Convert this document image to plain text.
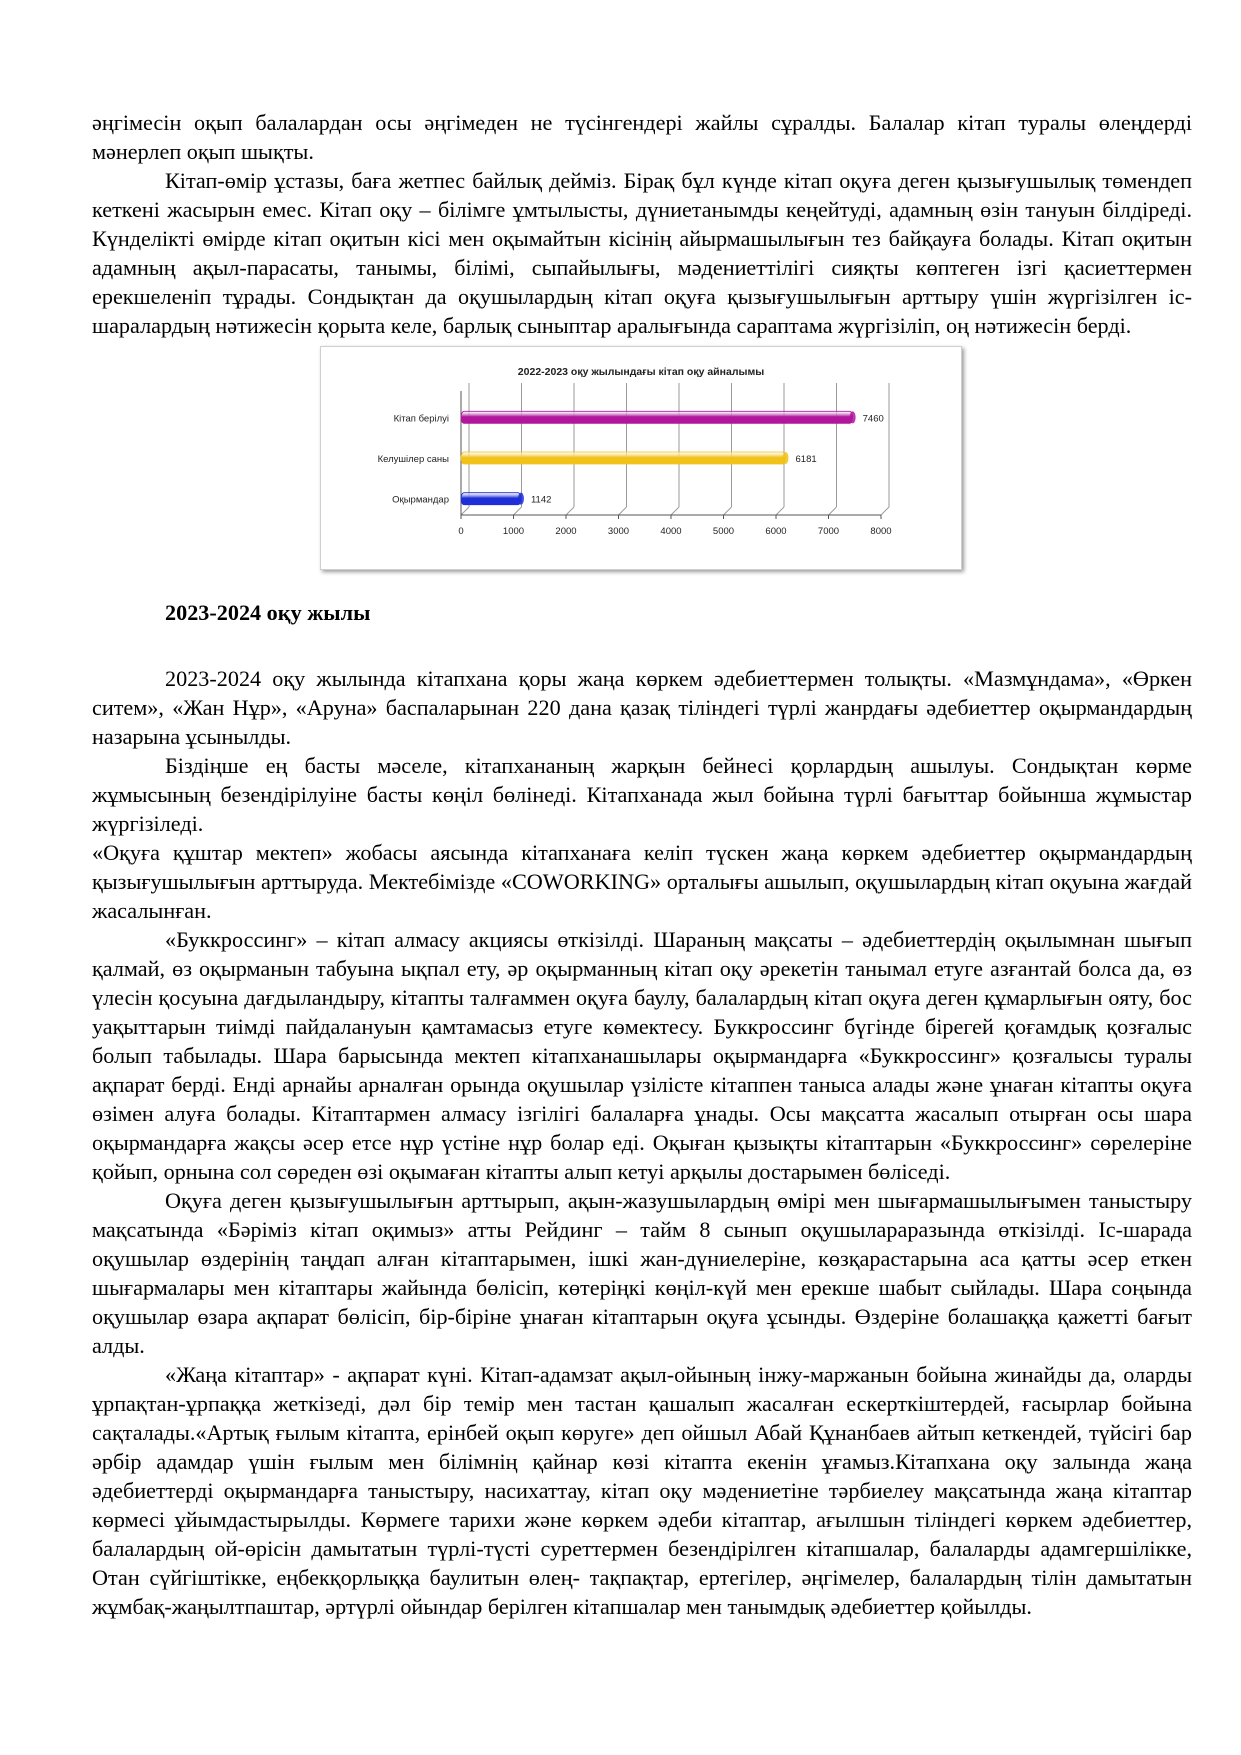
әңгімесін оқып балалардан осы әңгімеден не түсінгендері жайлы сұралды. Балалар кітап туралы өлеңдерді мәнерлеп оқып шықты.

Кітап-өмір ұстазы, баға жетпес байлық дейміз. Бірақ бұл күнде кітап оқуға деген қызығушылық төмендеп кеткені жасырын емес. Кітап оқу – білімге ұмтылысты, дүниетанымды кеңейтуді, адамның өзін тануын білдіреді. Күнделікті өмірде кітап оқитын кісі мен оқымайтын кісінің айырмашылығын тез байқауға болады. Кітап оқитын адамның ақыл-парасаты, танымы, білімі, сыпайылығы, мәдениеттілігі сияқты көптеген ізгі қасиеттермен ерекшеленіп тұрады. Сондықтан да оқушылардың кітап оқуға қызығушылығын арттыру үшін жүргізілген іс-шаралардың нәтижесін қорыта келе, барлық сыныптар аралығында сараптама жүргізіліп, оң нәтижесін берді.

2022-2023 оқу жылындағы кітап оқу айналымы
0	1000	2000	3000	4000	5000	6000	7000	8000
Кітап берілуі	7460
Келушілер саны	6181
Оқырмандар	1142
2023-2024 оқу жылы

2023-2024 оқу жылында кітапхана қоры жаңа көркем әдебиеттермен толықты. «Мазмұндама», «Өркен ситем», «Жан Нұр», «Аруна» баспаларынан 220 дана қазақ тіліндегі түрлі жанрдағы әдебиеттер оқырмандардың назарына ұсынылды.

Біздіңше ең басты мәселе, кітапхананың жарқын бейнесі қорлардың ашылуы. Сондықтан көрме жұмысының безендірілуіне басты көңіл бөлінеді. Кітапханада жыл бойына түрлі бағыттар бойынша жұмыстар жүргізіледі.

«Оқуға құштар мектеп» жобасы аясында кітапханаға келіп түскен жаңа көркем әдебиеттер оқырмандардың қызығушылығын арттыруда. Мектебімізде «COWORKING» орталығы ашылып, оқушылардың кітап оқуына жағдай жасалынған.

«Буккроссинг» – кітап алмасу акциясы өткізілді. Шараның мақсаты – әдебиеттердің оқылымнан шығып қалмай, өз оқырманын табуына ықпал ету, әр оқырманның кітап оқу әрекетін танымал етуге азғантай болса да, өз үлесін қосуына дағдыландыру, кітапты талғаммен оқуға баулу, балалардың кітап оқуға деген құмарлығын ояту, бос уақыттарын тиімді пайдалануын қамтамасыз етуге көмектесу. Буккроссинг бүгінде бірегей қоғамдық қозғалыс болып табылады. Шара барысында мектеп кітапханашылары оқырмандарға «Буккроссинг» қозғалысы туралы ақпарат берді. Енді арнайы арналған орында оқушылар үзілісте кітаппен таныса алады және ұнаған кітапты оқуға өзімен алуға болады. Кітаптармен алмасу ізгілігі балаларға ұнады. Осы мақсатта жасалып отырған осы шара оқырмандарға жақсы әсер етсе нұр үстіне нұр болар еді. Оқыған қызықты кітаптарын «Буккроссинг» сөрелеріне қойып, орнына сол сөреден өзі оқымаған кітапты алып кетуі арқылы достарымен бөліседі.

Оқуға деген қызығушылығын арттырып, ақын-жазушылардың өмірі мен шығармашылығымен таныстыру мақсатында «Бәріміз кітап оқимыз» атты Рейдинг – тайм 8 сынып оқушылараразында өткізілді. Іс-шарада оқушылар өздерінің таңдап алған кітаптарымен, ішкі жан-дүниелеріне, көзқарастарына аса қатты әсер еткен шығармалары мен кітаптары жайында бөлісіп, көтеріңкі көңіл-күй мен ерекше шабыт сыйлады. Шара соңында оқушылар өзара ақпарат бөлісіп, бір-біріне ұнаған кітаптарын оқуға ұсынды. Өздеріне болашаққа қажетті бағыт алды.

«Жаңа кітаптар» - ақпарат күні. Кітап-адамзат ақыл-ойының інжу-маржанын бойына жинайды да, оларды ұрпақтан-ұрпаққа жеткізеді, дәл бір темір мен тастан қашалып жасалған ескерткіштердей, ғасырлар бойына сақталады.«Артық ғылым кітапта, ерінбей оқып көруге» деп ойшыл Абай Құнанбаев айтып кеткендей, түйсігі бар әрбір адамдар үшін ғылым мен білімнің қайнар көзі кітапта екенін ұғамыз.Кітапхана оқу залында жаңа әдебиеттерді оқырмандарға таныстыру, насихаттау, кітап оқу мәдениетіне тәрбиелеу мақсатында жаңа кітаптар көрмесі ұйымдастырылды. Көрмеге тарихи және көркем әдеби кітаптар, ағылшын тіліндегі көркем әдебиеттер, балалардың ой-өрісін дамытатын түрлі-түсті суреттермен безендірілген кітапшалар, балаларды адамгершілікке, Отан сүйгіштікке, еңбекқорлыққа баулитын өлең- тақпақтар, ертегілер, әңгімелер, балалардың тілін дамытатын жұмбақ-жаңылтпаштар, әртүрлі ойындар берілген кітапшалар мен танымдық әдебиеттер қойылды.
